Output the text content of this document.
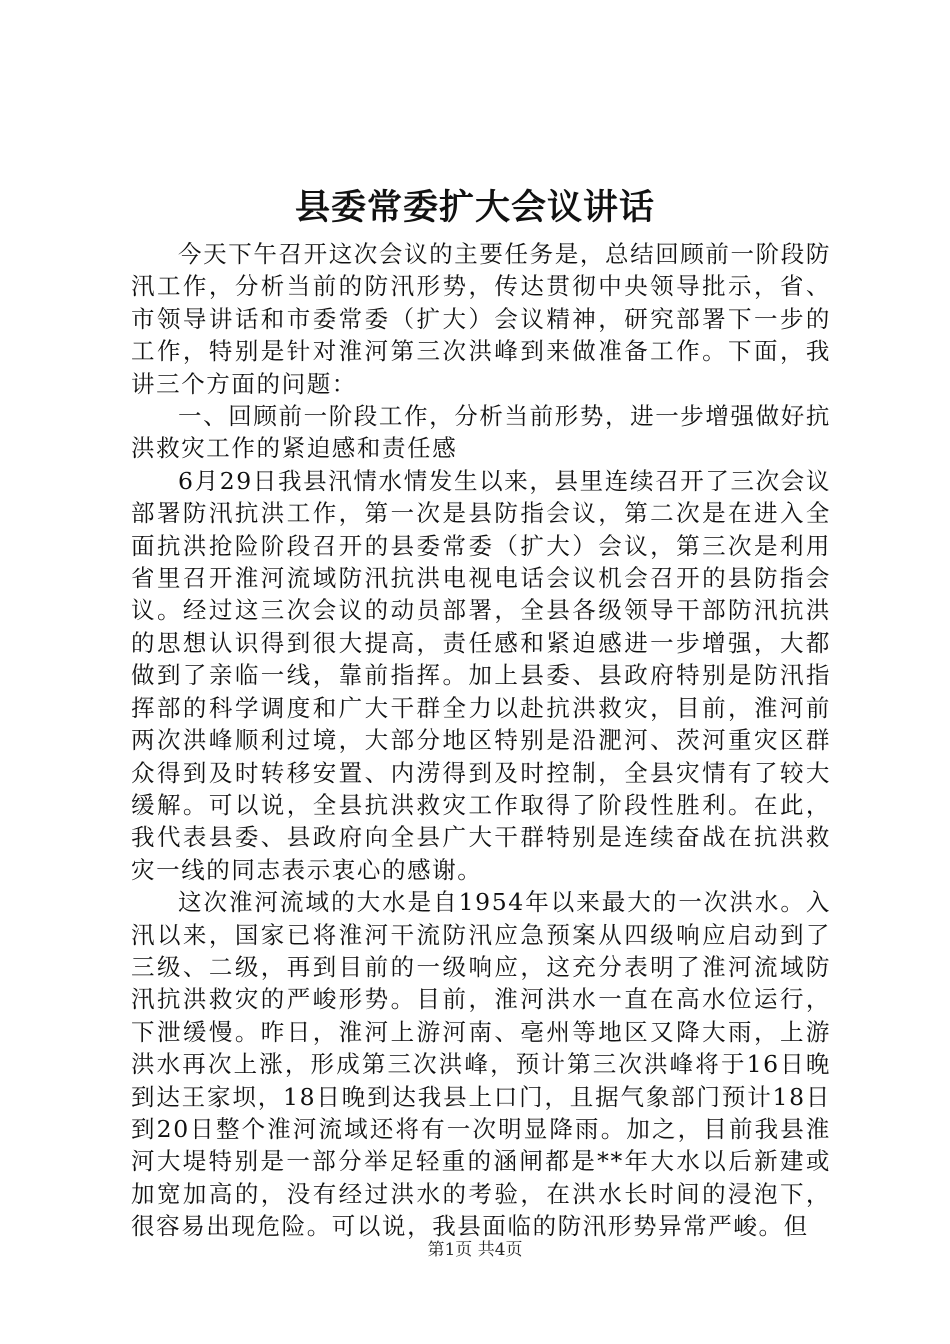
县委常委扩大会议讲话

今天下午召开这次会议的主要任务是，总结回顾前一阶段防汛工作，分析当前的防汛形势，传达贯彻中央领导批示，省、市领导讲话和市委常委（扩大）会议精神，研究部署下一步的工作，特别是针对淮河第三次洪峰到来做准备工作。下面，我讲三个方面的问题：

一、回顾前一阶段工作，分析当前形势，进一步增强做好抗洪救灾工作的紧迫感和责任感

6月29日我县汛情水情发生以来，县里连续召开了三次会议部署防汛抗洪工作，第一次是县防指会议，第二次是在进入全面抗洪抢险阶段召开的县委常委（扩大）会议，第三次是利用省里召开淮河流域防汛抗洪电视电话会议机会召开的县防指会议。经过这三次会议的动员部署，全县各级领导干部防汛抗洪的思想认识得到很大提高，责任感和紧迫感进一步增强，大都做到了亲临一线，靠前指挥。加上县委、县政府特别是防汛指挥部的科学调度和广大干群全力以赴抗洪救灾，目前，淮河前两次洪峰顺利过境，大部分地区特别是沿淝河、茨河重灾区群众得到及时转移安置、内涝得到及时控制，全县灾情有了较大缓解。可以说，全县抗洪救灾工作取得了阶段性胜利。在此，我代表县委、县政府向全县广大干群特别是连续奋战在抗洪救灾一线的同志表示衷心的感谢。

这次淮河流域的大水是自1954年以来最大的一次洪水。入汛以来，国家已将淮河干流防汛应急预案从四级响应启动到了三级、二级，再到目前的一级响应，这充分表明了淮河流域防汛抗洪救灾的严峻形势。目前，淮河洪水一直在高水位运行，下泄缓慢。昨日，淮河上游河南、亳州等地区又降大雨，上游洪水再次上涨，形成第三次洪峰，预计第三次洪峰将于16日晚到达王家坝，18日晚到达我县上口门，且据气象部门预计18日到20日整个淮河流域还将有一次明显降雨。加之，目前我县淮河大堤特别是一部分举足轻重的涵闸都是**年大水以后新建或加宽加高的，没有经过洪水的考验，在洪水长时间的浸泡下，很容易出现危险。可以说，我县面临的防汛形势异常严峻。但

第1页 共4页
